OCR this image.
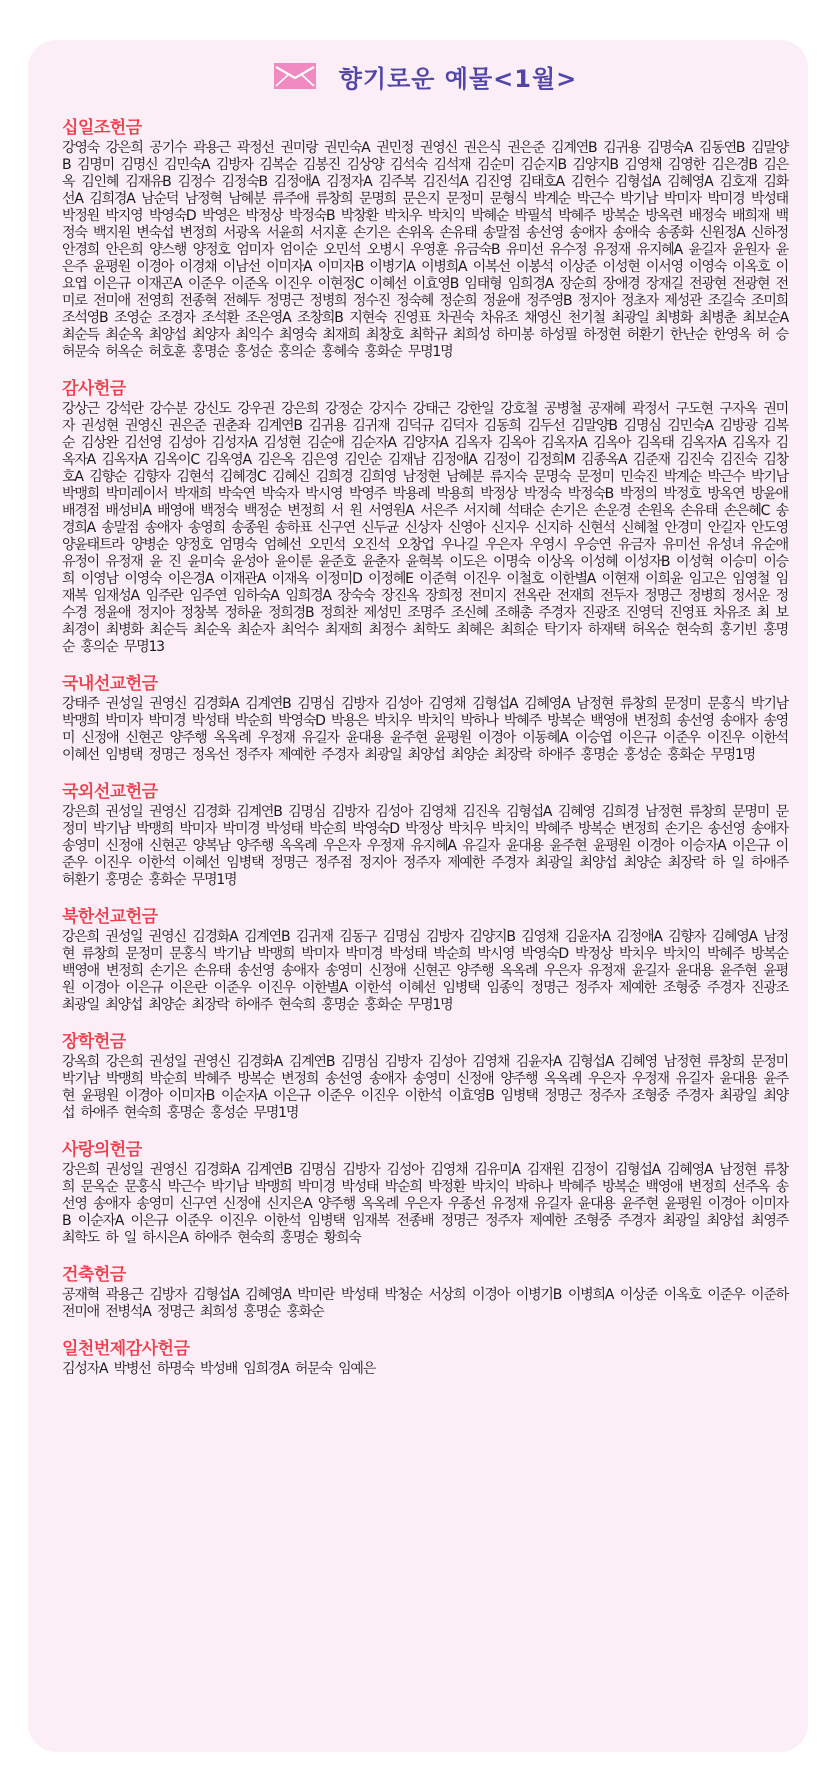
향기로운 예물<1월>
십일조헌금
강영숙 강은희 공기수 곽용근 곽정선 권미랑 권민숙A 권민정 권영신 권은식 권은준 김계연B 김귀용 김명숙A 김동연B 김말양B 김명미 김명신 김민숙A 김방자 김복순 김봉진 김상양 김석숙 김석재 김순미 김순지B 김양지B 김영채 김영한 김은경B 김은옥 김인혜 김재유B 김정수 김정숙B 김정애A 김정자A 김주복 김진석A 김진영 김태호A 김헌수 김형섭A 김혜영A 김호재 김화선A 김희경A 남순덕 남정혁 남혜분 류주애 류창희 문명희 문은지 문정미 문형식 박계순 박근수 박기남 박미자 박미경 박성태 박정원 박지영 박영숙D 박영은 박정상 박정숙B 박창환 박치우 박치익 박혜순 박필석 박혜주 방복순 방옥련 배정숙 배희재 백정숙 백지원 변숙섭 변정희 서광옥 서윤희 서지훈 손기은 손위옥 손유태 송말점 송선영 송애자 송애숙 송종화 신원정A 신하정 안경희 안은희 양스행 양정호 엄미자 엄이순 오민석 오병시 우영훈 유금숙B 유미선 유수정 유정재 유지혜A 윤길자 윤원자 윤은주 윤평원 이경아 이경채 이남선 이미자A 이미자B 이병기A 이병희A 이복선 이봉석 이상준 이성현 이서영 이영숙 이옥호 이요엽 이은규 이재곤A 이준우 이준옥 이진우 이현정C 이혜선 이효영B 임태형 임희경A 장순희 장애경 장재길 전광현 전광현 전미로 전미애 전영희 전종혁 전혜두 정명근 정병희 정수진 정숙혜 정순희 정윤애 정주영B 정지아 정초자 제성관 조길숙 조미희 조석영B 조영순 조경자 조석환 조은영A 조창희B 지현숙 진영표 차권숙 차유조 채영신 천기철 최광일 최병화 최병춘 최보순A 최순득 최순옥 최양섭 최양자 최익수 최영숙 최재희 최창호 최학규 최희성 하미봉 하성필 하정현 허환기 한난순 한영옥 허 승 허문숙 허옥순 허호훈 홍명순 홍성순 홍의순 홍혜숙 홍화순 무명1명
감사헌금
강상근 강석란 강수분 강신도 강우권 강은희 강정순 강지수 강태근 강한일 강호철 공병철 공재혜 곽정서 구도현 구자옥 권미자 권성현 권영신 권은준 권춘좌 김계연B 김귀용 김귀재 김덕규 김덕자 김동희 김두선 김말양B 김명심 김민숙A 김방광 김복순 김상완 김선영 김성아 김성자A 김성현 김순애 김순자A 김양자A 김옥자 김옥아 김옥자A 김옥아 김옥태 김옥자A 김옥자 김옥자A 김옥자A 김옥이C 김옥영A 김은옥 김은영 김인순 김재남 김정애A 김정이 김정희M 김종옥A 김준재 김진숙 김진숙 김창호A 김향순 김향자 김현석 김혜경C 김혜신 김희경 김희영 남정현 남혜분 류지숙 문명숙 문정미 민숙진 박계순 박근수 박기남 박맹희 박미레이서 박재희 박숙연 박숙자 박시영 박영주 박용례 박용희 박정상 박정숙 박정숙B 박정의 박정호 방옥연 방윤애 배경점 배성비A 배영애 백정숙 백정순 변정희 서 원 서영원A 서은주 서지혜 석태순 손기은 손운경 손원옥 손유태 손은혜C 송경희A 송말점 송애자 송영희 송종원 송하표 신구연 신두균 신상자 신영아 신지우 신지하 신현석 신혜철 안경미 안길자 안도영 양윤태트라 양병순 양정호 엄명숙 엄혜선 오민석 오진석 오창업 우나길 우은자 우영시 우승연 유금자 유미선 유성녀 유순애 유정이 유정재 윤 진 윤미숙 윤성아 윤이룬 윤준호 윤춘자 윤혁복 이도은 이명숙 이상옥 이성혜 이성자B 이성혁 이승미 이승희 이영남 이영숙 이은경A 이재관A 이재옥 이정미D 이정혜E 이준혁 이진우 이철호 이한별A 이현재 이희윤 임고은 임영철 임재복 임재성A 임주란 임주연 임하숙A 임희경A 장숙숙 장진옥 장희정 전미지 전옥란 전재희 전두자 정명근 정병희 정서운 정수경 정윤애 정지아 정창복 정하윤 정희경B 정희찬 제성민 조명주 조신혜 조해총 주경자 진광조 진영덕 진영표 차유조 최 보 최경이 최병화 최순득 최순옥 최순자 최억수 최재희 최정수 최학도 최혜은 최희순 탁기자 하재택 허옥순 현숙희 홍기빈 홍명순 홍의순 무명13
국내선교헌금
강태주 권성일 권영신 김경화A 김계연B 김명심 김방자 김성아 김영채 김형섭A 김혜영A 남정현 류창희 문정미 문홍식 박기남 박맹희 박미자 박미경 박성태 박순희 박영숙D 박용은 박치우 박치익 박하나 박혜주 방복순 백영애 변정희 송선영 송애자 송영미 신정애 신현곤 양주행 옥옥례 우정재 유길자 윤대용 윤주현 윤평원 이경아 이동혜A 이승엽 이은규 이준우 이진우 이한석 이혜선 임병택 정명근 정옥선 정주자 제예한 주경자 최광일 최양섭 최양순 최장락 하애주 홍명순 홍성순 홍화순 무명1명
국외선교헌금
강은희 권성일 권영신 김경화 김계연B 김명심 김방자 김성아 김영채 김진옥 김형섭A 김혜영 김희경 남정현 류창희 문명미 문정미 박기남 박맹희 박미자 박미경 박성태 박순희 박영숙D 박정상 박치우 박치익 박혜주 방복순 변정희 손기은 송선영 송애자 송영미 신정애 신현곤 양복남 양주행 옥옥례 우은자 우정재 유지혜A 유길자 윤대용 윤주현 윤평원 이경아 이승자A 이은규 이준우 이진우 이한석 이혜선 임병택 정명근 정주점 정지아 정주자 제예한 주경자 최광일 최양섭 최양순 최장락 하 일 하애주 허환기 홍명순 홍화순 무명1명
북한선교헌금
강은희 권성일 권영신 김경화A 김계연B 김귀재 김동구 김명심 김방자 김양지B 김영채 김윤자A 김정애A 김향자 김혜영A 남정현 류창희 문정미 문홍식 박기남 박맹희 박미자 박미경 박성태 박순희 박시영 박영숙D 박정상 박치우 박치익 박혜주 방복순 백영애 변정희 손기은 손유태 송선영 송애자 송영미 신정애 신현곤 양주행 옥옥례 우은자 유정재 윤길자 윤대용 윤주현 윤평원 이경아 이은규 이은란 이준우 이진우 이한별A 이한석 이혜선 임병택 임종익 정명근 정주자 제예한 조형중 주경자 진광조 최광일 최양섭 최양순 최장락 하애주 현숙희 홍명순 홍화순 무명1명
장학헌금
강옥희 강은희 권성일 권영신 김경화A 김계연B 김명심 김방자 김성아 김영채 김윤자A 김형섭A 김혜영 남정현 류창희 문정미 박기남 박맹희 박순희 박혜주 방복순 변정희 송선영 송애자 송영미 신정애 양주행 옥옥례 우은자 우정재 유길자 윤대용 윤주현 윤평원 이경아 이미자B 이순자A 이은규 이준우 이진우 이한석 이효영B 임병택 정명근 정주자 조형중 주경자 최광일 최양섭 하애주 현숙희 홍명순 홍성순 무명1명
사랑의헌금
강은희 권성일 권영신 김경화A 김계연B 김명심 김방자 김성아 김영채 김유미A 김재원 김정이 김형섭A 김혜영A 남정현 류창희 문옥순 문홍식 박근수 박기남 박맹희 박미경 박성태 박순희 박정환 박치익 박하나 박혜주 방복순 백영애 변정희 선주옥 송선영 송애자 송영미 신구연 신정애 신지은A 양주행 옥옥례 우은자 우종선 유정재 유길자 윤대용 윤주현 윤평원 이경아 이미자B 이순자A 이은규 이준우 이진우 이한석 임병택 임재복 전종배 정명근 정주자 제예한 조형중 주경자 최광일 최양섭 최영주 최학도 하 일 하시은A 하애주 현숙희 홍명순 황희숙
건축헌금
공재혁 곽용근 김방자 김형섭A 김혜영A 박미란 박성태 박청순 서상희 이경아 이병기B 이병희A 이상준 이옥호 이준우 이준하 전미애 전병석A 정명근 최희성 홍명순 홍화순
일천번제감사헌금
김성자A 박병선 하명숙 박성배 임희경A 허문숙 임예은
